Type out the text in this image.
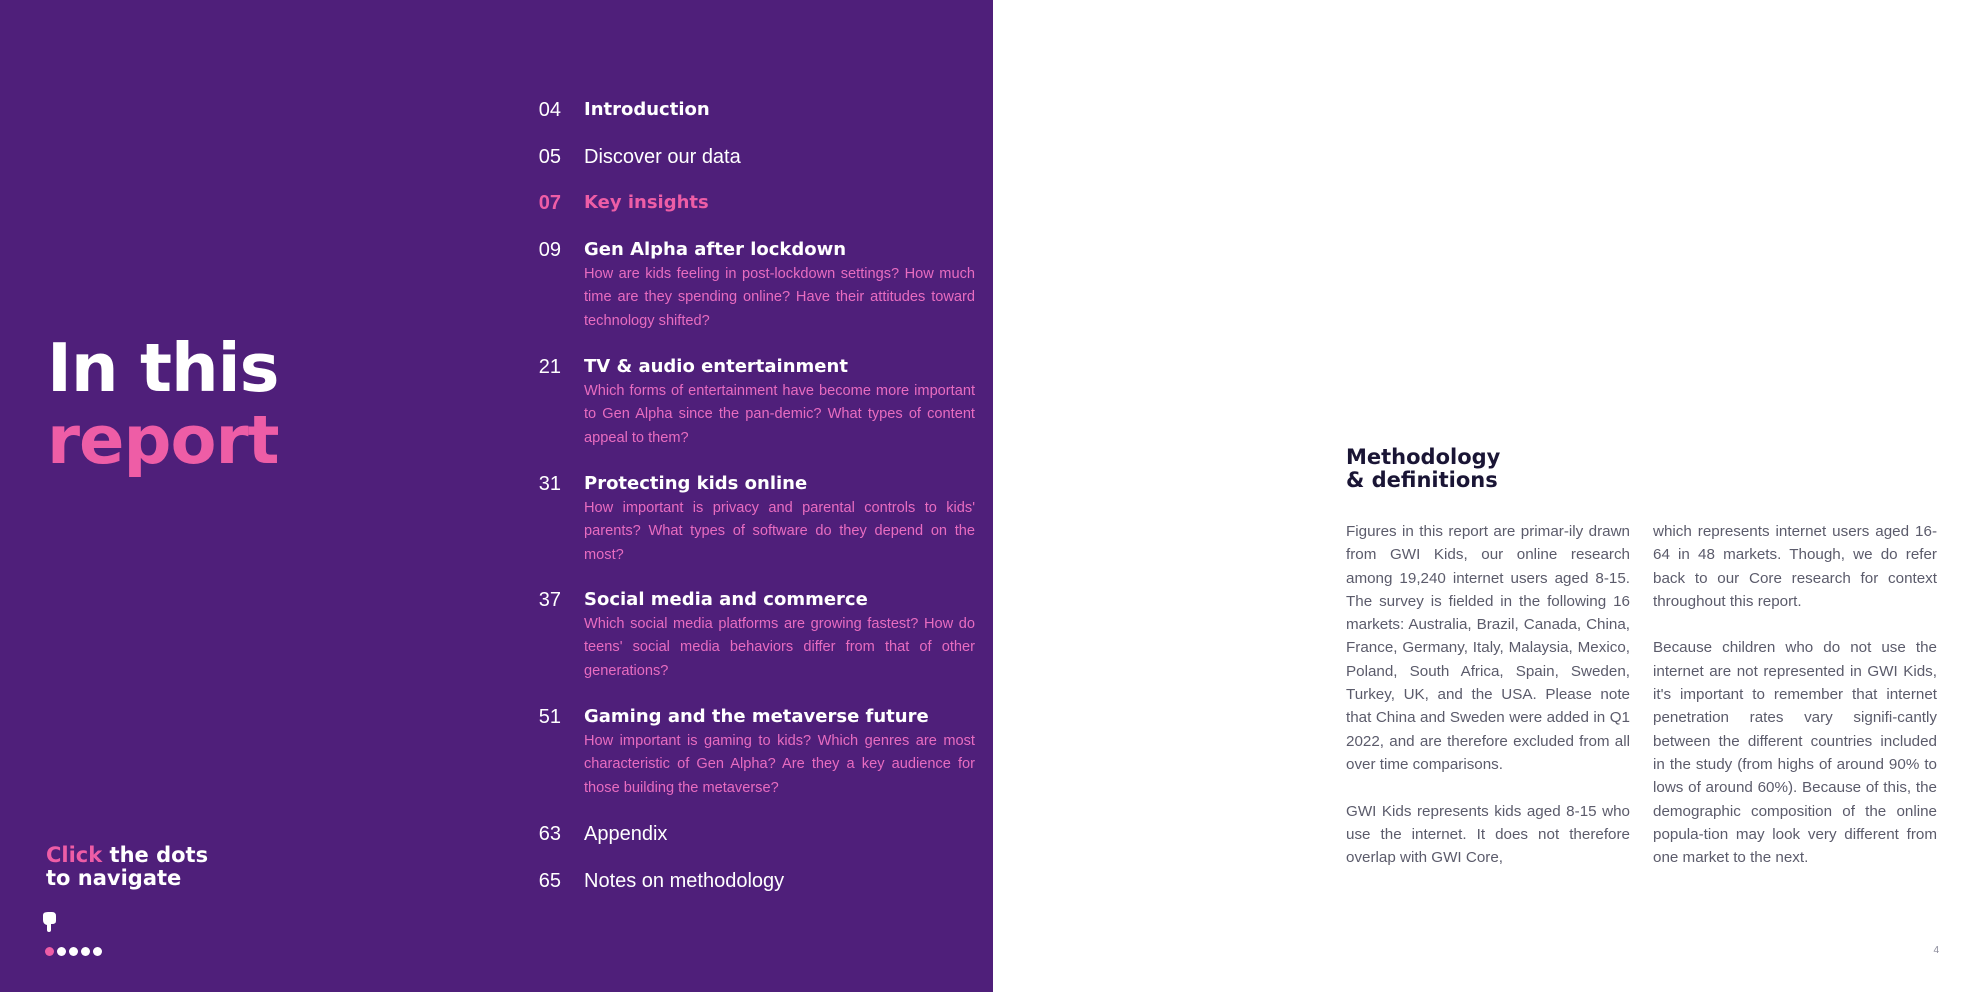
In this
report
Click the dots
to navigate
04 Introduction
05 Discover our data
07 Key insights
09 Gen Alpha after lockdown
How are kids feeling in post-lockdown settings? How much time are they spending online? Have their attitudes toward technology shifted?
21 TV & audio entertainment
Which forms of entertainment have become more important to Gen Alpha since the pan-demic? What types of content appeal to them?
31 Protecting kids online
How important is privacy and parental controls to kids' parents? What types of software do they depend on the most?
37 Social media and commerce
Which social media platforms are growing fastest? How do teens' social media behaviors differ from that of other generations?
51 Gaming and the metaverse future
How important is gaming to kids? Which genres are most characteristic of Gen Alpha? Are they a key audience for those building the metaverse?
63 Appendix
65 Notes on methodology
Methodology
& definitions

Figures in this report are primar-ily drawn from GWI Kids, our online research among 19,240 internet users aged 8-15. The survey is fielded in the following 16 markets: Australia, Brazil, Canada, China, France, Germany, Italy, Malaysia, Mexico, Poland, South Africa, Spain, Sweden, Turkey, UK, and the USA. Please note that China and Sweden were added in Q1 2022, and are therefore excluded from all over time comparisons.

GWI Kids represents kids aged 8-15 who use the internet. It does not therefore overlap with GWI Core,

which represents internet users aged 16-64 in 48 markets. Though, we do refer back to our Core research for context throughout this report.

Because children who do not use the internet are not represented in GWI Kids, it's important to remember that internet penetration rates vary signifi-cantly between the different countries included in the study (from highs of around 90% to lows of around 60%). Because of this, the demographic composition of the online popula-tion may look very different from one market to the next.

4
